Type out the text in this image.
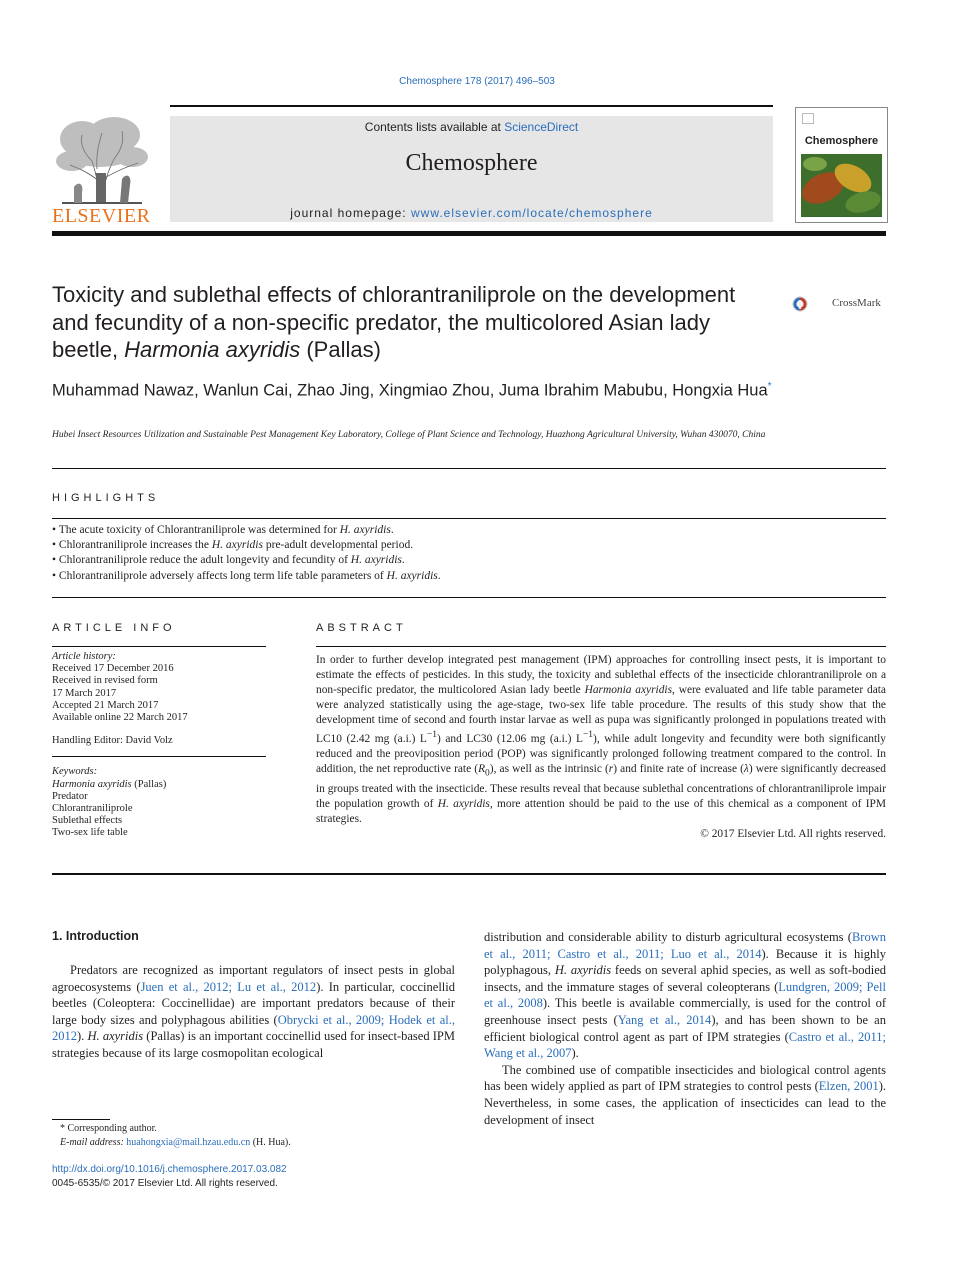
Chemosphere 178 (2017) 496–503
ELSEVIER
Contents lists available at ScienceDirect
Chemosphere
journal homepage: www.elsevier.com/locate/chemosphere
Chemosphere
Toxicity and sublethal effects of chlorantraniliprole on the development and fecundity of a non-specific predator, the multicolored Asian lady beetle, Harmonia axyridis (Pallas)
CrossMark
Muhammad Nawaz, Wanlun Cai, Zhao Jing, Xingmiao Zhou, Juma Ibrahim Mabubu, Hongxia Hua*
Hubei Insect Resources Utilization and Sustainable Pest Management Key Laboratory, College of Plant Science and Technology, Huazhong Agricultural University, Wuhan 430070, China
HIGHLIGHTS
• The acute toxicity of Chlorantraniliprole was determined for H. axyridis.
• Chlorantraniliprole increases the H. axyridis pre-adult developmental period.
• Chlorantraniliprole reduce the adult longevity and fecundity of H. axyridis.
• Chlorantraniliprole adversely affects long term life table parameters of H. axyridis.
ARTICLE INFO	ABSTRACT
Article history:
Received 17 December 2016
Received in revised form
17 March 2017
Accepted 21 March 2017
Available online 22 March 2017
Handling Editor: David Volz
Keywords:
Harmonia axyridis (Pallas)
Predator
Chlorantraniliprole
Sublethal effects
Two-sex life table
In order to further develop integrated pest management (IPM) approaches for controlling insect pests, it is important to estimate the effects of pesticides. In this study, the toxicity and sublethal effects of the insecticide chlorantraniliprole on a non-specific predator, the multicolored Asian lady beetle Harmonia axyridis, were evaluated and life table parameter data were analyzed statistically using the age-stage, two-sex life table procedure. The results of this study show that the development time of second and fourth instar larvae as well as pupa was significantly prolonged in populations treated with LC10 (2.42 mg (a.i.) $L^{-1}$) and LC30 (12.06 mg (a.i.) $L^{-1}$), while adult longevity and fecundity were both significantly reduced and the preoviposition period (POP) was significantly prolonged following treatment compared to the control. In addition, the net reproductive rate $(R_0)$, as well as the intrinsic (r) and finite rate of increase (λ) were significantly decreased in groups treated with the insecticide. These results reveal that because sublethal concentrations of chlorantraniliprole impair the population growth of H. axyridis, more attention should be paid to the use of this chemical as a component of IPM strategies.
© 2017 Elsevier Ltd. All rights reserved.
1. Introduction

Predators are recognized as important regulators of insect pests in global agroecosystems (Juen et al., 2012; Lu et al., 2012). In particular, coccinellid beetles (Coleoptera: Coccinellidae) are important predators because of their large body sizes and polyphagous abilities (Obrycki et al., 2009; Hodek et al., 2012). H. axyridis (Pallas) is an important coccinellid used for insect-based IPM strategies because of its large cosmopolitan ecological

distribution and considerable ability to disturb agricultural ecosystems (Brown et al., 2011; Castro et al., 2011; Luo et al., 2014). Because it is highly polyphagous, H. axyridis feeds on several aphid species, as well as soft-bodied insects, and the immature stages of several coleopterans (Lundgren, 2009; Pell et al., 2008). This beetle is available commercially, is used for the control of greenhouse insect pests (Yang et al., 2014), and has been shown to be an efficient biological control agent as part of IPM strategies (Castro et al., 2011; Wang et al., 2007).

The combined use of compatible insecticides and biological control agents has been widely applied as part of IPM strategies to control pests (Elzen, 2001). Nevertheless, in some cases, the application of insecticides can lead to the development of insect

* Corresponding author.
E-mail address: huahongxia@mail.hzau.edu.cn (H. Hua).
http://dx.doi.org/10.1016/j.chemosphere.2017.03.082
0045-6535/© 2017 Elsevier Ltd. All rights reserved.
